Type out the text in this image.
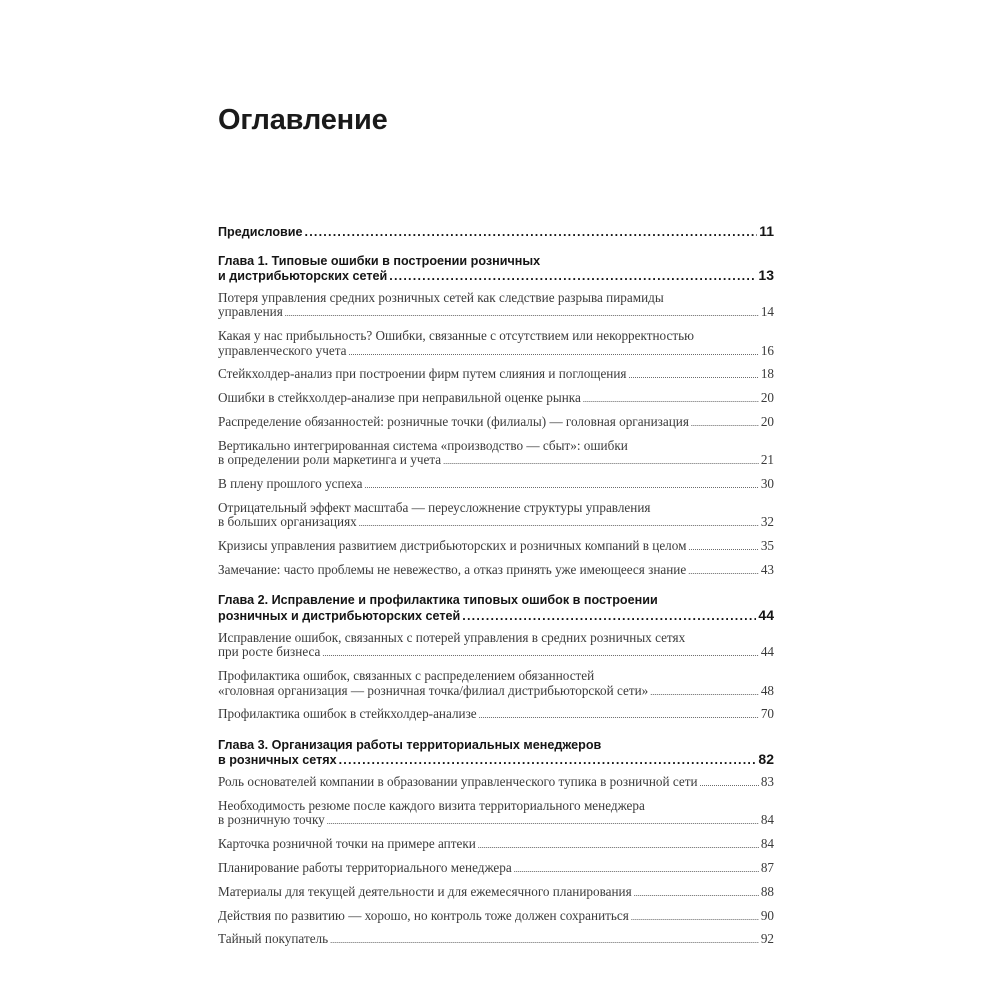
Оглавление
Предисловие .....	11
Глава 1. Типовые ошибки в построении розничных
и дистрибьюторских сетей .....	13
Потеря управления средних розничных сетей как следствие разрыва пирамиды
управления .....	14
Какая у нас прибыльность? Ошибки, связанные с отсутствием или некорректностью
управленческого учета .....	16
Стейкхолдер-анализ при построении фирм путем слияния и поглощения .....	18
Ошибки в стейкхолдер-анализе при неправильной оценке рынка .....	20
Распределение обязанностей: розничные точки (филиалы) — головная организация .....	20
Вертикально интегрированная система «производство — сбыт»: ошибки
в определении роли маркетинга и учета .....	21
В плену прошлого успеха .....	30
Отрицательный эффект масштаба — переусложнение структуры управления
в больших организациях .....	32
Кризисы управления развитием дистрибьюторских и розничных компаний в целом .....	35
Замечание: часто проблемы не невежество, а отказ принять уже имеющееся знание .....	43
Глава 2. Исправление и профилактика типовых ошибок в построении
розничных и дистрибьюторских сетей .....	44
Исправление ошибок, связанных с потерей управления в средних розничных сетях
при росте бизнеса .....	44
Профилактика ошибок, связанных с распределением обязанностей
«головная организация — розничная точка/филиал дистрибьюторской сети» .....	48
Профилактика ошибок в стейкхолдер-анализе .....	70
Глава 3. Организация работы территориальных менеджеров
в розничных сетях .....	82
Роль основателей компании в образовании управленческого тупика в розничной сети .....	83
Необходимость резюме после каждого визита территориального менеджера
в розничную точку .....	84
Карточка розничной точки на примере аптеки .....	84
Планирование работы территориального менеджера .....	87
Материалы для текущей деятельности и для ежемесячного планирования .....	88
Действия по развитию — хорошо, но контроль тоже должен сохраниться .....	90
Тайный покупатель .....	92
